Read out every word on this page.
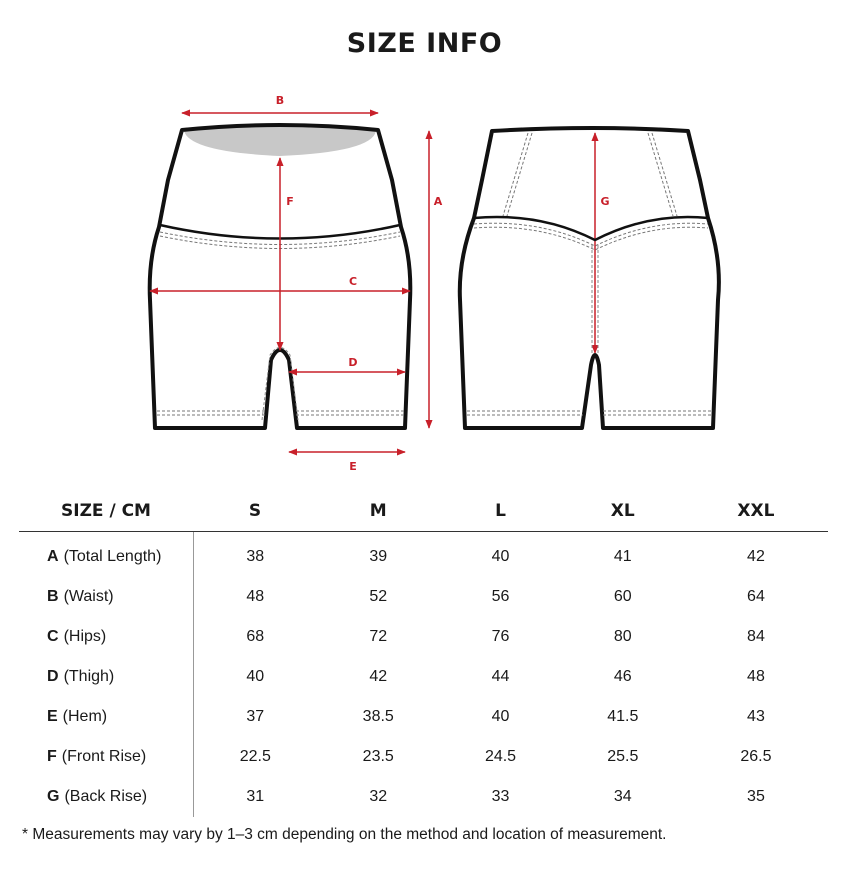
SIZE INFO
B
F
C
D
E
A	G
SIZE / CM	S	M	L	XL	XXL
A (Total Length)	38	39	40	41	42
B (Waist)	48	52	56	60	64
C (Hips)	68	72	76	80	84
D (Thigh)	40	42	44	46	48
E (Hem)	37	38.5	40	41.5	43
F (Front Rise)	22.5	23.5	24.5	25.5	26.5
G (Back Rise)	31	32	33	34	35
* Measurements may vary by 1–3 cm depending on the method and location of measurement.
